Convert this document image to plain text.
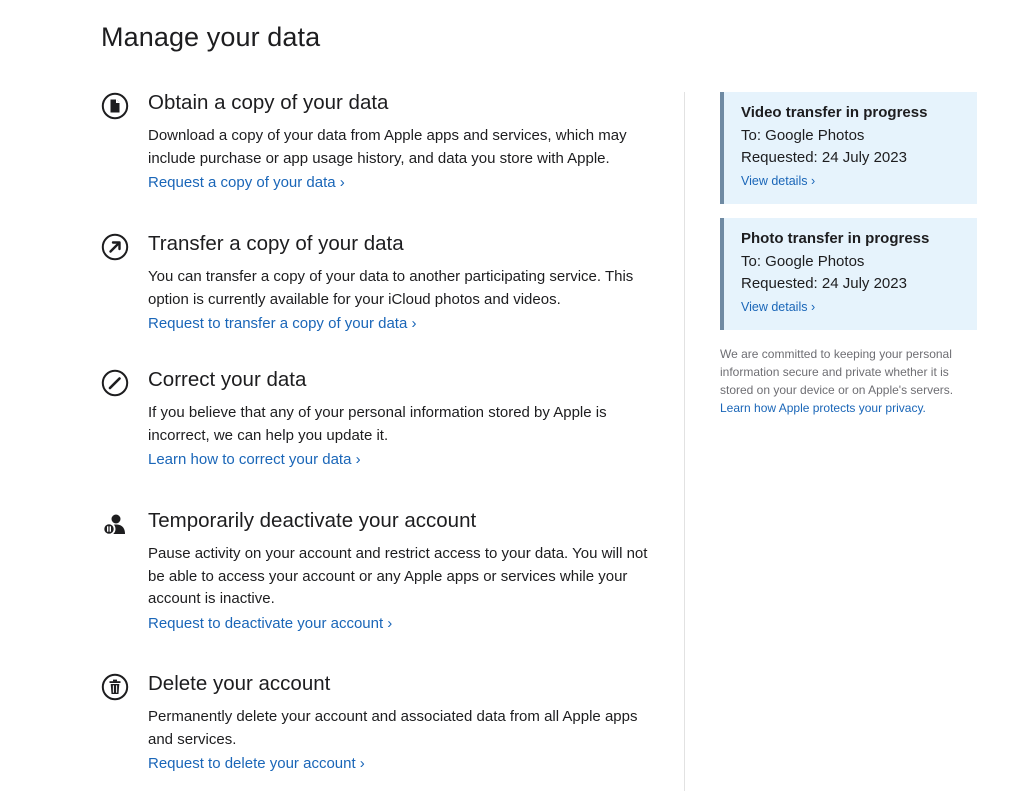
Manage your data
Obtain a copy of your data

Download a copy of your data from Apple apps and services, which may include purchase or app usage history, and data you store with Apple.

Request a copy of your data ›
Transfer a copy of your data

You can transfer a copy of your data to another participating service. This option is currently available for your iCloud photos and videos.

Request to transfer a copy of your data ›
Correct your data

If you believe that any of your personal information stored by Apple is incorrect, we can help you update it.

Learn how to correct your data ›
Temporarily deactivate your account

Pause activity on your account and restrict access to your data. You will not be able to access your account or any Apple apps or services while your account is inactive.

Request to deactivate your account ›
Delete your account

Permanently delete your account and associated data from all Apple apps and services.

Request to delete your account ›
Video transfer in progress
To: Google Photos
Requested: 24 July 2023
View details ›
Photo transfer in progress
To: Google Photos
Requested: 24 July 2023
View details ›

We are committed to keeping your personal information secure and private whether it is stored on your device or on Apple's servers. Learn how Apple protects your privacy.
